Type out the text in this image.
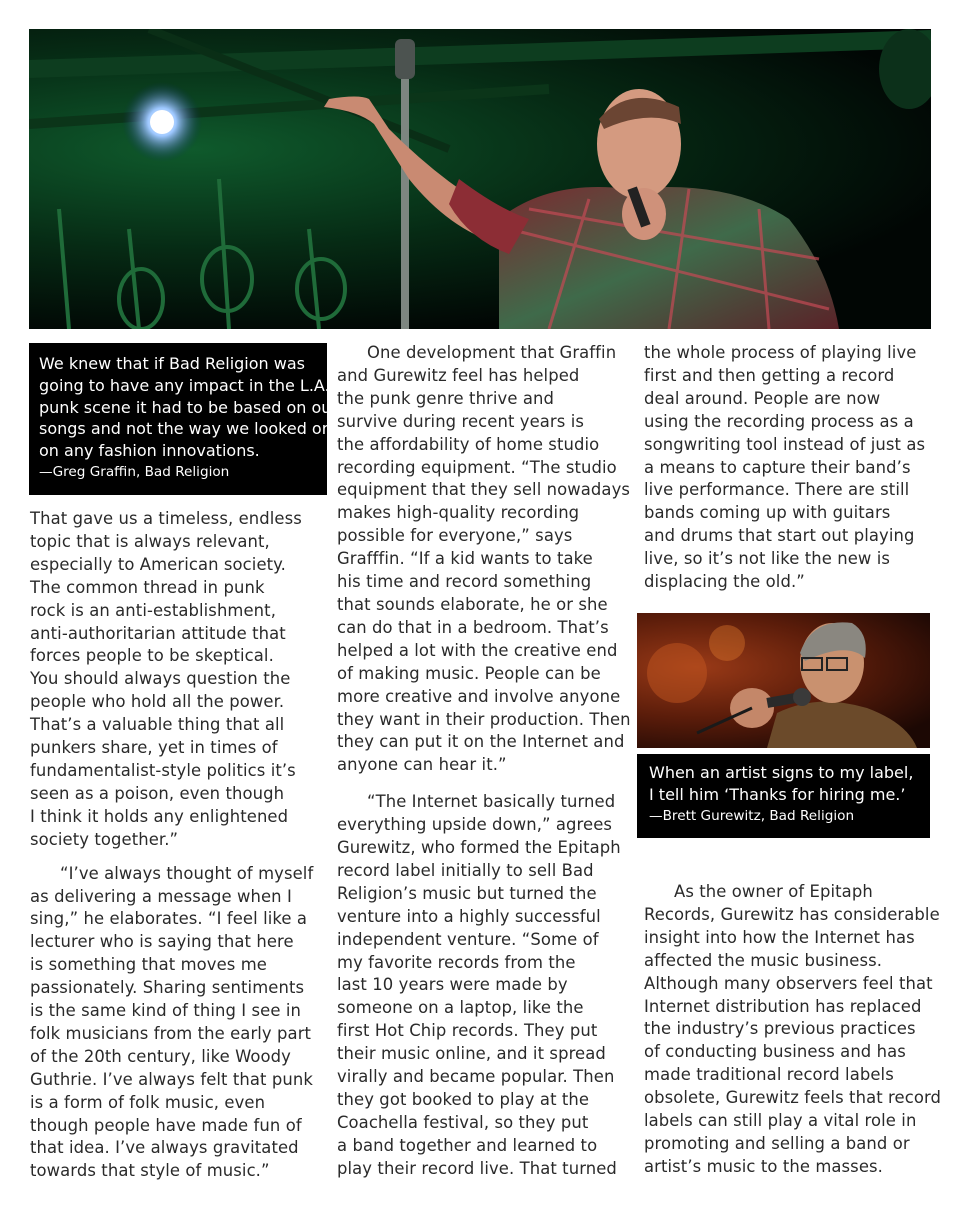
We knew that if Bad Religion was
going to have any impact in the L.A.
punk scene it had to be based on our
songs and not the way we looked or
on any fashion innovations.
—Greg Graffin, Bad Religion

That gave us a timeless, endless
topic that is always relevant,
especially to American society.
The common thread in punk
rock is an anti-establishment,
anti-authoritarian attitude that
forces people to be skeptical.
You should always question the
people who hold all the power.
That’s a valuable thing that all
punkers share, yet in times of
fundamentalist-style politics it’s
seen as a poison, even though
I think it holds any enlightened
society together.”

“I’ve always thought of myself
as delivering a message when I
sing,” he elaborates. “I feel like a
lecturer who is saying that here
is something that moves me
passionately. Sharing sentiments
is the same kind of thing I see in
folk musicians from the early part
of the 20th century, like Woody
Guthrie. I’ve always felt that punk
is a form of folk music, even
though people have made fun of
that idea. I’ve always gravitated
towards that style of music.”

One development that Graffin
and Gurewitz feel has helped
the punk genre thrive and
survive during recent years is
the affordability of home studio
recording equipment. “The studio
equipment that they sell nowadays
makes high-quality recording
possible for everyone,” says
Grafffin. “If a kid wants to take
his time and record something
that sounds elaborate, he or she
can do that in a bedroom. That’s
helped a lot with the creative end
of making music. People can be
more creative and involve anyone
they want in their production. Then
they can put it on the Internet and
anyone can hear it.”

“The Internet basically turned
everything upside down,” agrees
Gurewitz, who formed the Epitaph
record label initially to sell Bad
Religion’s music but turned the
venture into a highly successful
independent venture. “Some of
my favorite records from the
last 10 years were made by
someone on a laptop, like the
first Hot Chip records. They put
their music online, and it spread
virally and became popular. Then
they got booked to play at the
Coachella festival, so they put
a band together and learned to
play their record live. That turned

the whole process of playing live
first and then getting a record
deal around. People are now
using the recording process as a
songwriting tool instead of just as
a means to capture their band’s
live performance. There are still
bands coming up with guitars
and drums that start out playing
live, so it’s not like the new is
displacing the old.”

When an artist signs to my label,
I tell him ‘Thanks for hiring me.’
—Brett Gurewitz, Bad Religion

As the owner of Epitaph
Records, Gurewitz has considerable
insight into how the Internet has
affected the music business.
Although many observers feel that
Internet distribution has replaced
the industry’s previous practices
of conducting business and has
made traditional record labels
obsolete, Gurewitz feels that record
labels can still play a vital role in
promoting and selling a band or
artist’s music to the masses.
